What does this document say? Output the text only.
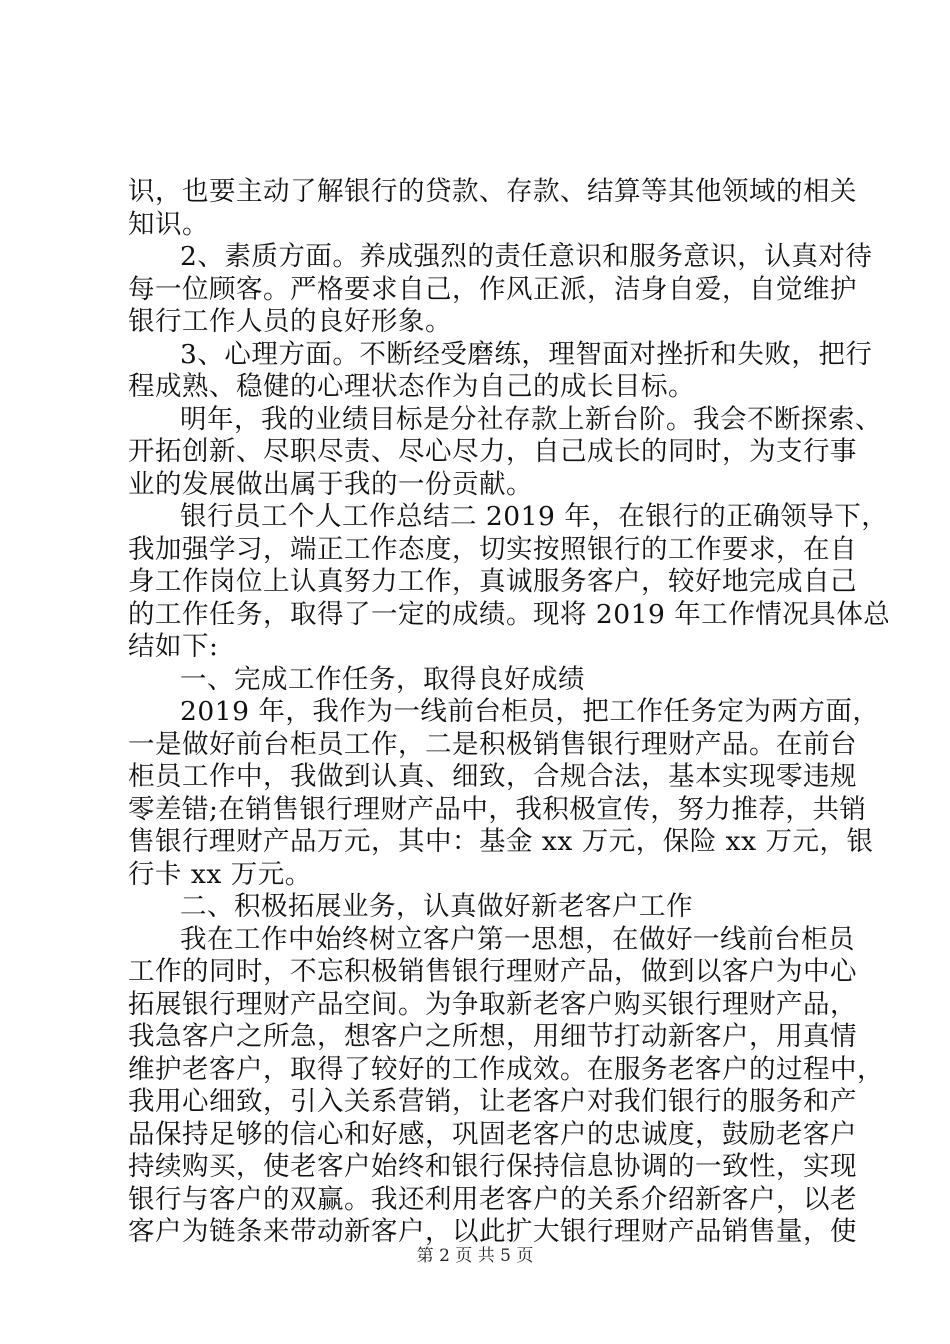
识，也要主动了解银行的贷款、存款、结算等其他领域的相关
知识。
2、素质方面。养成强烈的责任意识和服务意识，认真对待
每一位顾客。严格要求自己，作风正派，洁身自爱，自觉维护
银行工作人员的良好形象。
3、心理方面。不断经受磨练，理智面对挫折和失败，把行
程成熟、稳健的心理状态作为自己的成长目标。
明年，我的业绩目标是分社存款上新台阶。我会不断探索、
开拓创新、尽职尽责、尽心尽力，自己成长的同时，为支行事
业的发展做出属于我的一份贡献。
银行员工个人工作总结二 2019 年，在银行的正确领导下，
我加强学习，端正工作态度，切实按照银行的工作要求，在自
身工作岗位上认真努力工作，真诚服务客户，较好地完成自己
的工作任务，取得了一定的成绩。现将 2019 年工作情况具体总
结如下:
一、完成工作任务，取得良好成绩
2019 年，我作为一线前台柜员，把工作任务定为两方面，
一是做好前台柜员工作，二是积极销售银行理财产品。在前台
柜员工作中，我做到认真、细致，合规合法，基本实现零违规
零差错;在销售银行理财产品中，我积极宣传，努力推荐，共销
售银行理财产品万元，其中：基金 xx 万元，保险 xx 万元，银
行卡 xx 万元。
二、积极拓展业务，认真做好新老客户工作
我在工作中始终树立客户第一思想，在做好一线前台柜员
工作的同时，不忘积极销售银行理财产品，做到以客户为中心
拓展银行理财产品空间。为争取新老客户购买银行理财产品，
我急客户之所急，想客户之所想，用细节打动新客户，用真情
维护老客户，取得了较好的工作成效。在服务老客户的过程中，
我用心细致，引入关系营销，让老客户对我们银行的服务和产
品保持足够的信心和好感，巩固老客户的忠诚度，鼓励老客户
持续购买，使老客户始终和银行保持信息协调的一致性，实现
银行与客户的双赢。我还利用老客户的关系介绍新客户，以老
客户为链条来带动新客户，以此扩大银行理财产品销售量，使
第 2 页 共 5 页
